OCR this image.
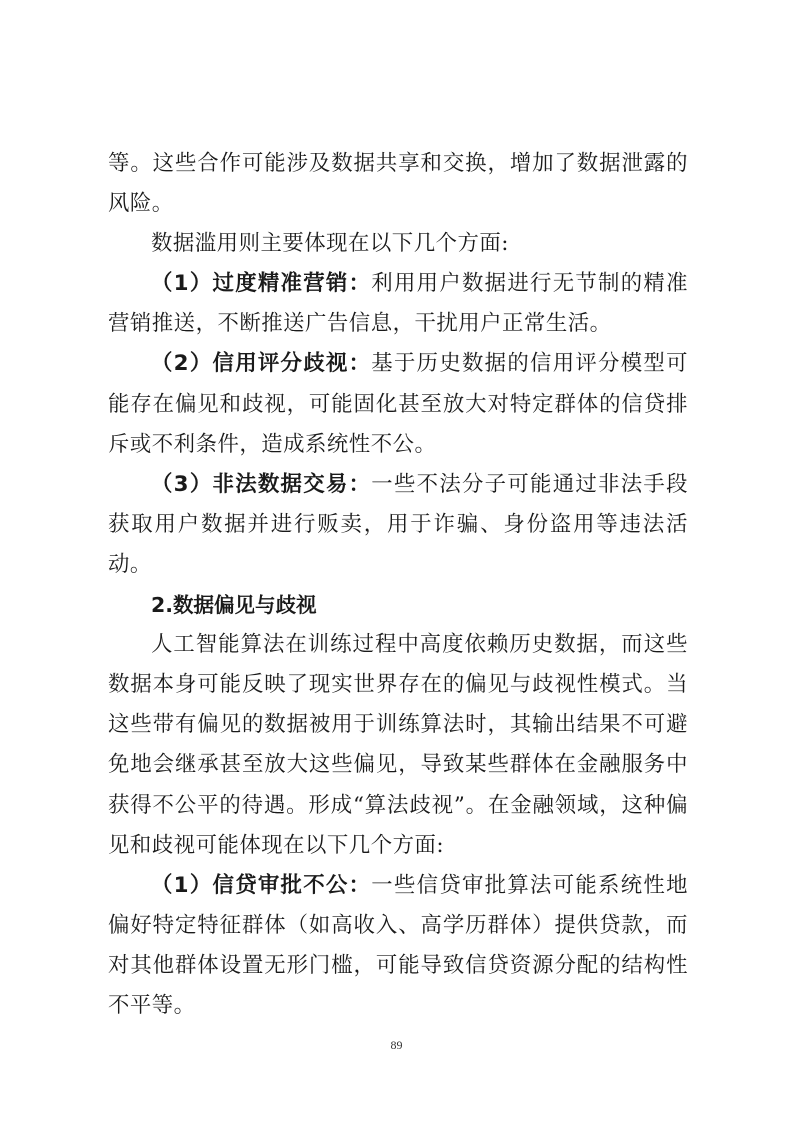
等。这些合作可能涉及数据共享和交换，增加了数据泄露的风险。

数据滥用则主要体现在以下几个方面:

（1）过度精准营销：利用用户数据进行无节制的精准营销推送，不断推送广告信息，干扰用户正常生活。

（2）信用评分歧视：基于历史数据的信用评分模型可能存在偏见和歧视，可能固化甚至放大对特定群体的信贷排斥或不利条件，造成系统性不公。

（3）非法数据交易：一些不法分子可能通过非法手段获取用户数据并进行贩卖，用于诈骗、身份盗用等违法活动。

2.数据偏见与歧视

人工智能算法在训练过程中高度依赖历史数据，而这些数据本身可能反映了现实世界存在的偏见与歧视性模式。当这些带有偏见的数据被用于训练算法时，其输出结果不可避免地会继承甚至放大这些偏见，导致某些群体在金融服务中获得不公平的待遇。形成“算法歧视”。在金融领域，这种偏见和歧视可能体现在以下几个方面:

（1）信贷审批不公：一些信贷审批算法可能系统性地偏好特定特征群体（如高收入、高学历群体）提供贷款，而对其他群体设置无形门槛，可能导致信贷资源分配的结构性不平等。

89
